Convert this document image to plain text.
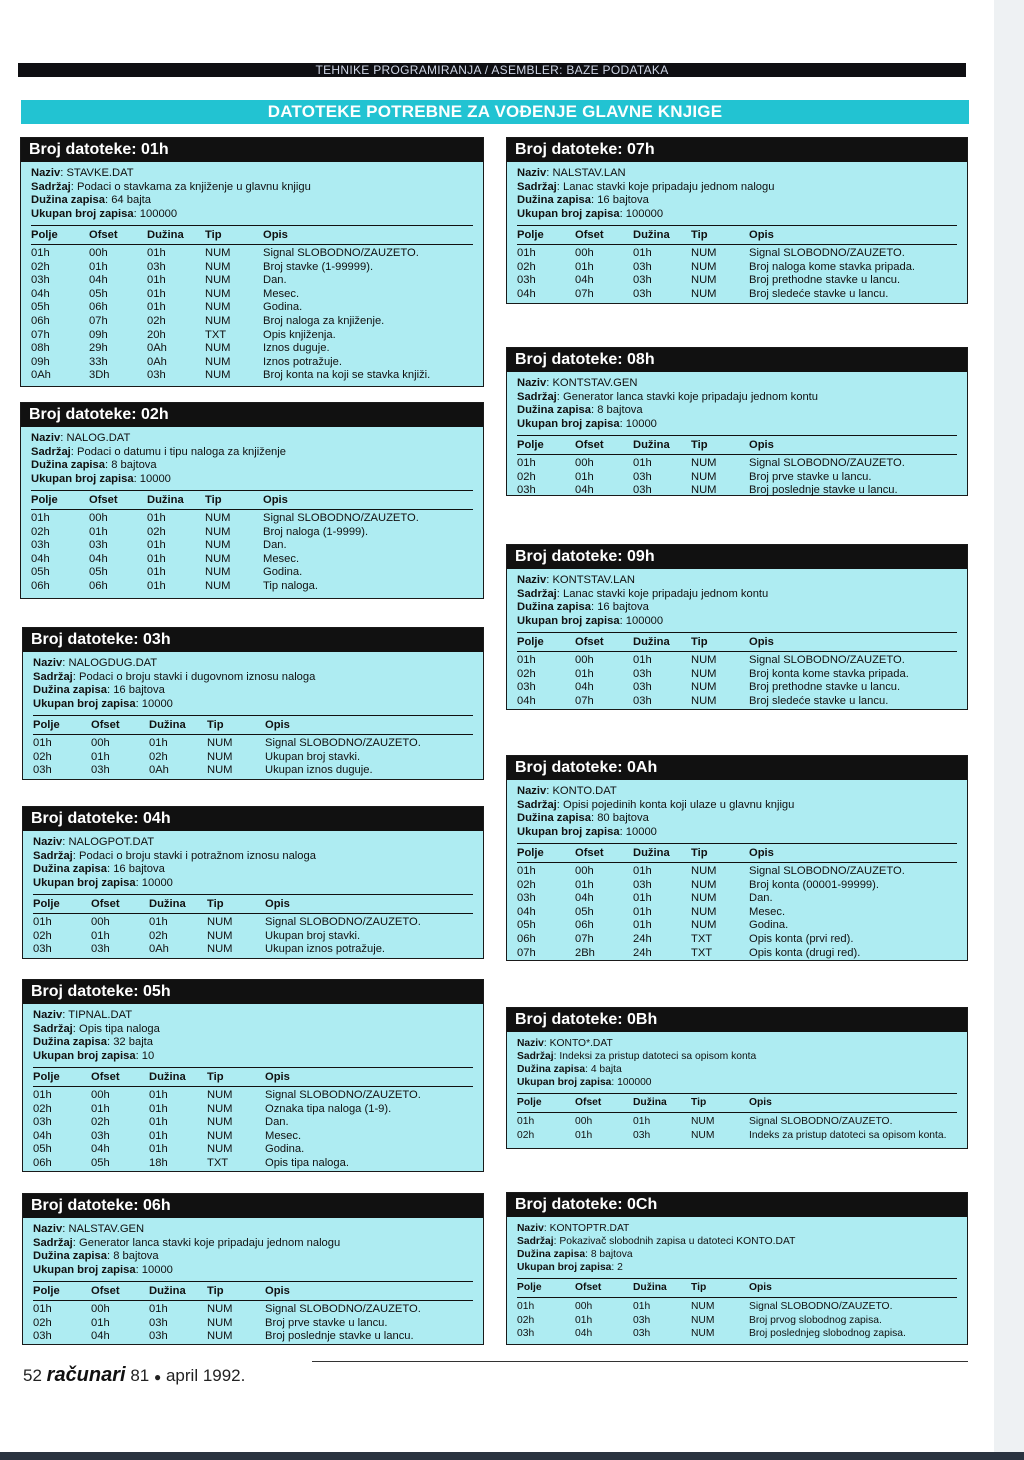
TEHNIKE PROGRAMIRANJA / ASEMBLER: BAZE PODATAKA
DATOTEKE POTREBNE ZA VOĐENJE GLAVNE KNJIGE
Broj datoteke: 01h
Naziv: STAVKE.DAT
Sadržaj: Podaci o stavkama za knjiženje u glavnu knjigu
Dužina zapisa: 64 bajta
Ukupan broj zapisa: 100000
Polje	Ofset	Dužina	Tip	Opis
01h	00h	01h	NUM	Signal SLOBODNO/ZAUZETO.
02h	01h	03h	NUM	Broj stavke (1-99999).
03h	04h	01h	NUM	Dan.
04h	05h	01h	NUM	Mesec.
05h	06h	01h	NUM	Godina.
06h	07h	02h	NUM	Broj naloga za knjiženje.
07h	09h	20h	TXT	Opis knjiženja.
08h	29h	0Ah	NUM	Iznos duguje.
09h	33h	0Ah	NUM	Iznos potražuje.
0Ah	3Dh	03h	NUM	Broj konta na koji se stavka knjiži.
Broj datoteke: 02h
Naziv: NALOG.DAT
Sadržaj: Podaci o datumu i tipu naloga za knjiženje
Dužina zapisa: 8 bajtova
Ukupan broj zapisa: 10000
Polje	Ofset	Dužina	Tip	Opis
01h	00h	01h	NUM	Signal SLOBODNO/ZAUZETO.
02h	01h	02h	NUM	Broj naloga (1-9999).
03h	03h	01h	NUM	Dan.
04h	04h	01h	NUM	Mesec.
05h	05h	01h	NUM	Godina.
06h	06h	01h	NUM	Tip naloga.
Broj datoteke: 03h
Naziv: NALOGDUG.DAT
Sadržaj: Podaci o broju stavki i dugovnom iznosu naloga
Dužina zapisa: 16 bajtova
Ukupan broj zapisa: 10000
Polje	Ofset	Dužina	Tip	Opis
01h	00h	01h	NUM	Signal SLOBODNO/ZAUZETO.
02h	01h	02h	NUM	Ukupan broj stavki.
03h	03h	0Ah	NUM	Ukupan iznos duguje.
Broj datoteke: 04h
Naziv: NALOGPOT.DAT
Sadržaj: Podaci o broju stavki i potražnom iznosu naloga
Dužina zapisa: 16 bajtova
Ukupan broj zapisa: 10000
Polje	Ofset	Dužina	Tip	Opis
01h	00h	01h	NUM	Signal SLOBODNO/ZAUZETO.
02h	01h	02h	NUM	Ukupan broj stavki.
03h	03h	0Ah	NUM	Ukupan iznos potražuje.
Broj datoteke: 05h
Naziv: TIPNAL.DAT
Sadržaj: Opis tipa naloga
Dužina zapisa: 32 bajta
Ukupan broj zapisa: 10
Polje	Ofset	Dužina	Tip	Opis
01h	00h	01h	NUM	Signal SLOBODNO/ZAUZETO.
02h	01h	01h	NUM	Oznaka tipa naloga (1-9).
03h	02h	01h	NUM	Dan.
04h	03h	01h	NUM	Mesec.
05h	04h	01h	NUM	Godina.
06h	05h	18h	TXT	Opis tipa naloga.
Broj datoteke: 06h
Naziv: NALSTAV.GEN
Sadržaj: Generator lanca stavki koje pripadaju jednom nalogu
Dužina zapisa: 8 bajtova
Ukupan broj zapisa: 10000
Polje	Ofset	Dužina	Tip	Opis
01h	00h	01h	NUM	Signal SLOBODNO/ZAUZETO.
02h	01h	03h	NUM	Broj prve stavke u lancu.
03h	04h	03h	NUM	Broj poslednje stavke u lancu.
Broj datoteke: 07h
Naziv: NALSTAV.LAN
Sadržaj: Lanac stavki koje pripadaju jednom nalogu
Dužina zapisa: 16 bajtova
Ukupan broj zapisa: 100000
Polje	Ofset	Dužina	Tip	Opis
01h	00h	01h	NUM	Signal SLOBODNO/ZAUZETO.
02h	01h	03h	NUM	Broj naloga kome stavka pripada.
03h	04h	03h	NUM	Broj prethodne stavke u lancu.
04h	07h	03h	NUM	Broj sledeće stavke u lancu.
Broj datoteke: 08h
Naziv: KONTSTAV.GEN
Sadržaj: Generator lanca stavki koje pripadaju jednom kontu
Dužina zapisa: 8 bajtova
Ukupan broj zapisa: 10000
Polje	Ofset	Dužina	Tip	Opis
01h	00h	01h	NUM	Signal SLOBODNO/ZAUZETO.
02h	01h	03h	NUM	Broj prve stavke u lancu.
03h	04h	03h	NUM	Broj poslednje stavke u lancu.
Broj datoteke: 09h
Naziv: KONTSTAV.LAN
Sadržaj: Lanac stavki koje pripadaju jednom kontu
Dužina zapisa: 16 bajtova
Ukupan broj zapisa: 100000
Polje	Ofset	Dužina	Tip	Opis
01h	00h	01h	NUM	Signal SLOBODNO/ZAUZETO.
02h	01h	03h	NUM	Broj konta kome stavka pripada.
03h	04h	03h	NUM	Broj prethodne stavke u lancu.
04h	07h	03h	NUM	Broj sledeće stavke u lancu.
Broj datoteke: 0Ah
Naziv: KONTO.DAT
Sadržaj: Opisi pojedinih konta koji ulaze u glavnu knjigu
Dužina zapisa: 80 bajtova
Ukupan broj zapisa: 10000
Polje	Ofset	Dužina	Tip	Opis
01h	00h	01h	NUM	Signal SLOBODNO/ZAUZETO.
02h	01h	03h	NUM	Broj konta (00001-99999).
03h	04h	01h	NUM	Dan.
04h	05h	01h	NUM	Mesec.
05h	06h	01h	NUM	Godina.
06h	07h	24h	TXT	Opis konta (prvi red).
07h	2Bh	24h	TXT	Opis konta (drugi red).
Broj datoteke: 0Bh
Naziv: KONTO*.DAT
Sadržaj: Indeksi za pristup datoteci sa opisom konta
Dužina zapisa: 4 bajta
Ukupan broj zapisa: 100000
Polje	Ofset	Dužina	Tip	Opis
01h	00h	01h	NUM	Signal SLOBODNO/ZAUZETO.
02h	01h	03h	NUM	Indeks za pristup datoteci sa opisom konta.
Broj datoteke: 0Ch
Naziv: KONTOPTR.DAT
Sadržaj: Pokazivač slobodnih zapisa u datoteci KONTO.DAT
Dužina zapisa: 8 bajtova
Ukupan broj zapisa: 2
Polje	Ofset	Dužina	Tip	Opis
01h	00h	01h	NUM	Signal SLOBODNO/ZAUZETO.
02h	01h	03h	NUM	Broj prvog slobodnog zapisa.
03h	04h	03h	NUM	Broj poslednjeg slobodnog zapisa.
52 računari 81 ● april 1992.
